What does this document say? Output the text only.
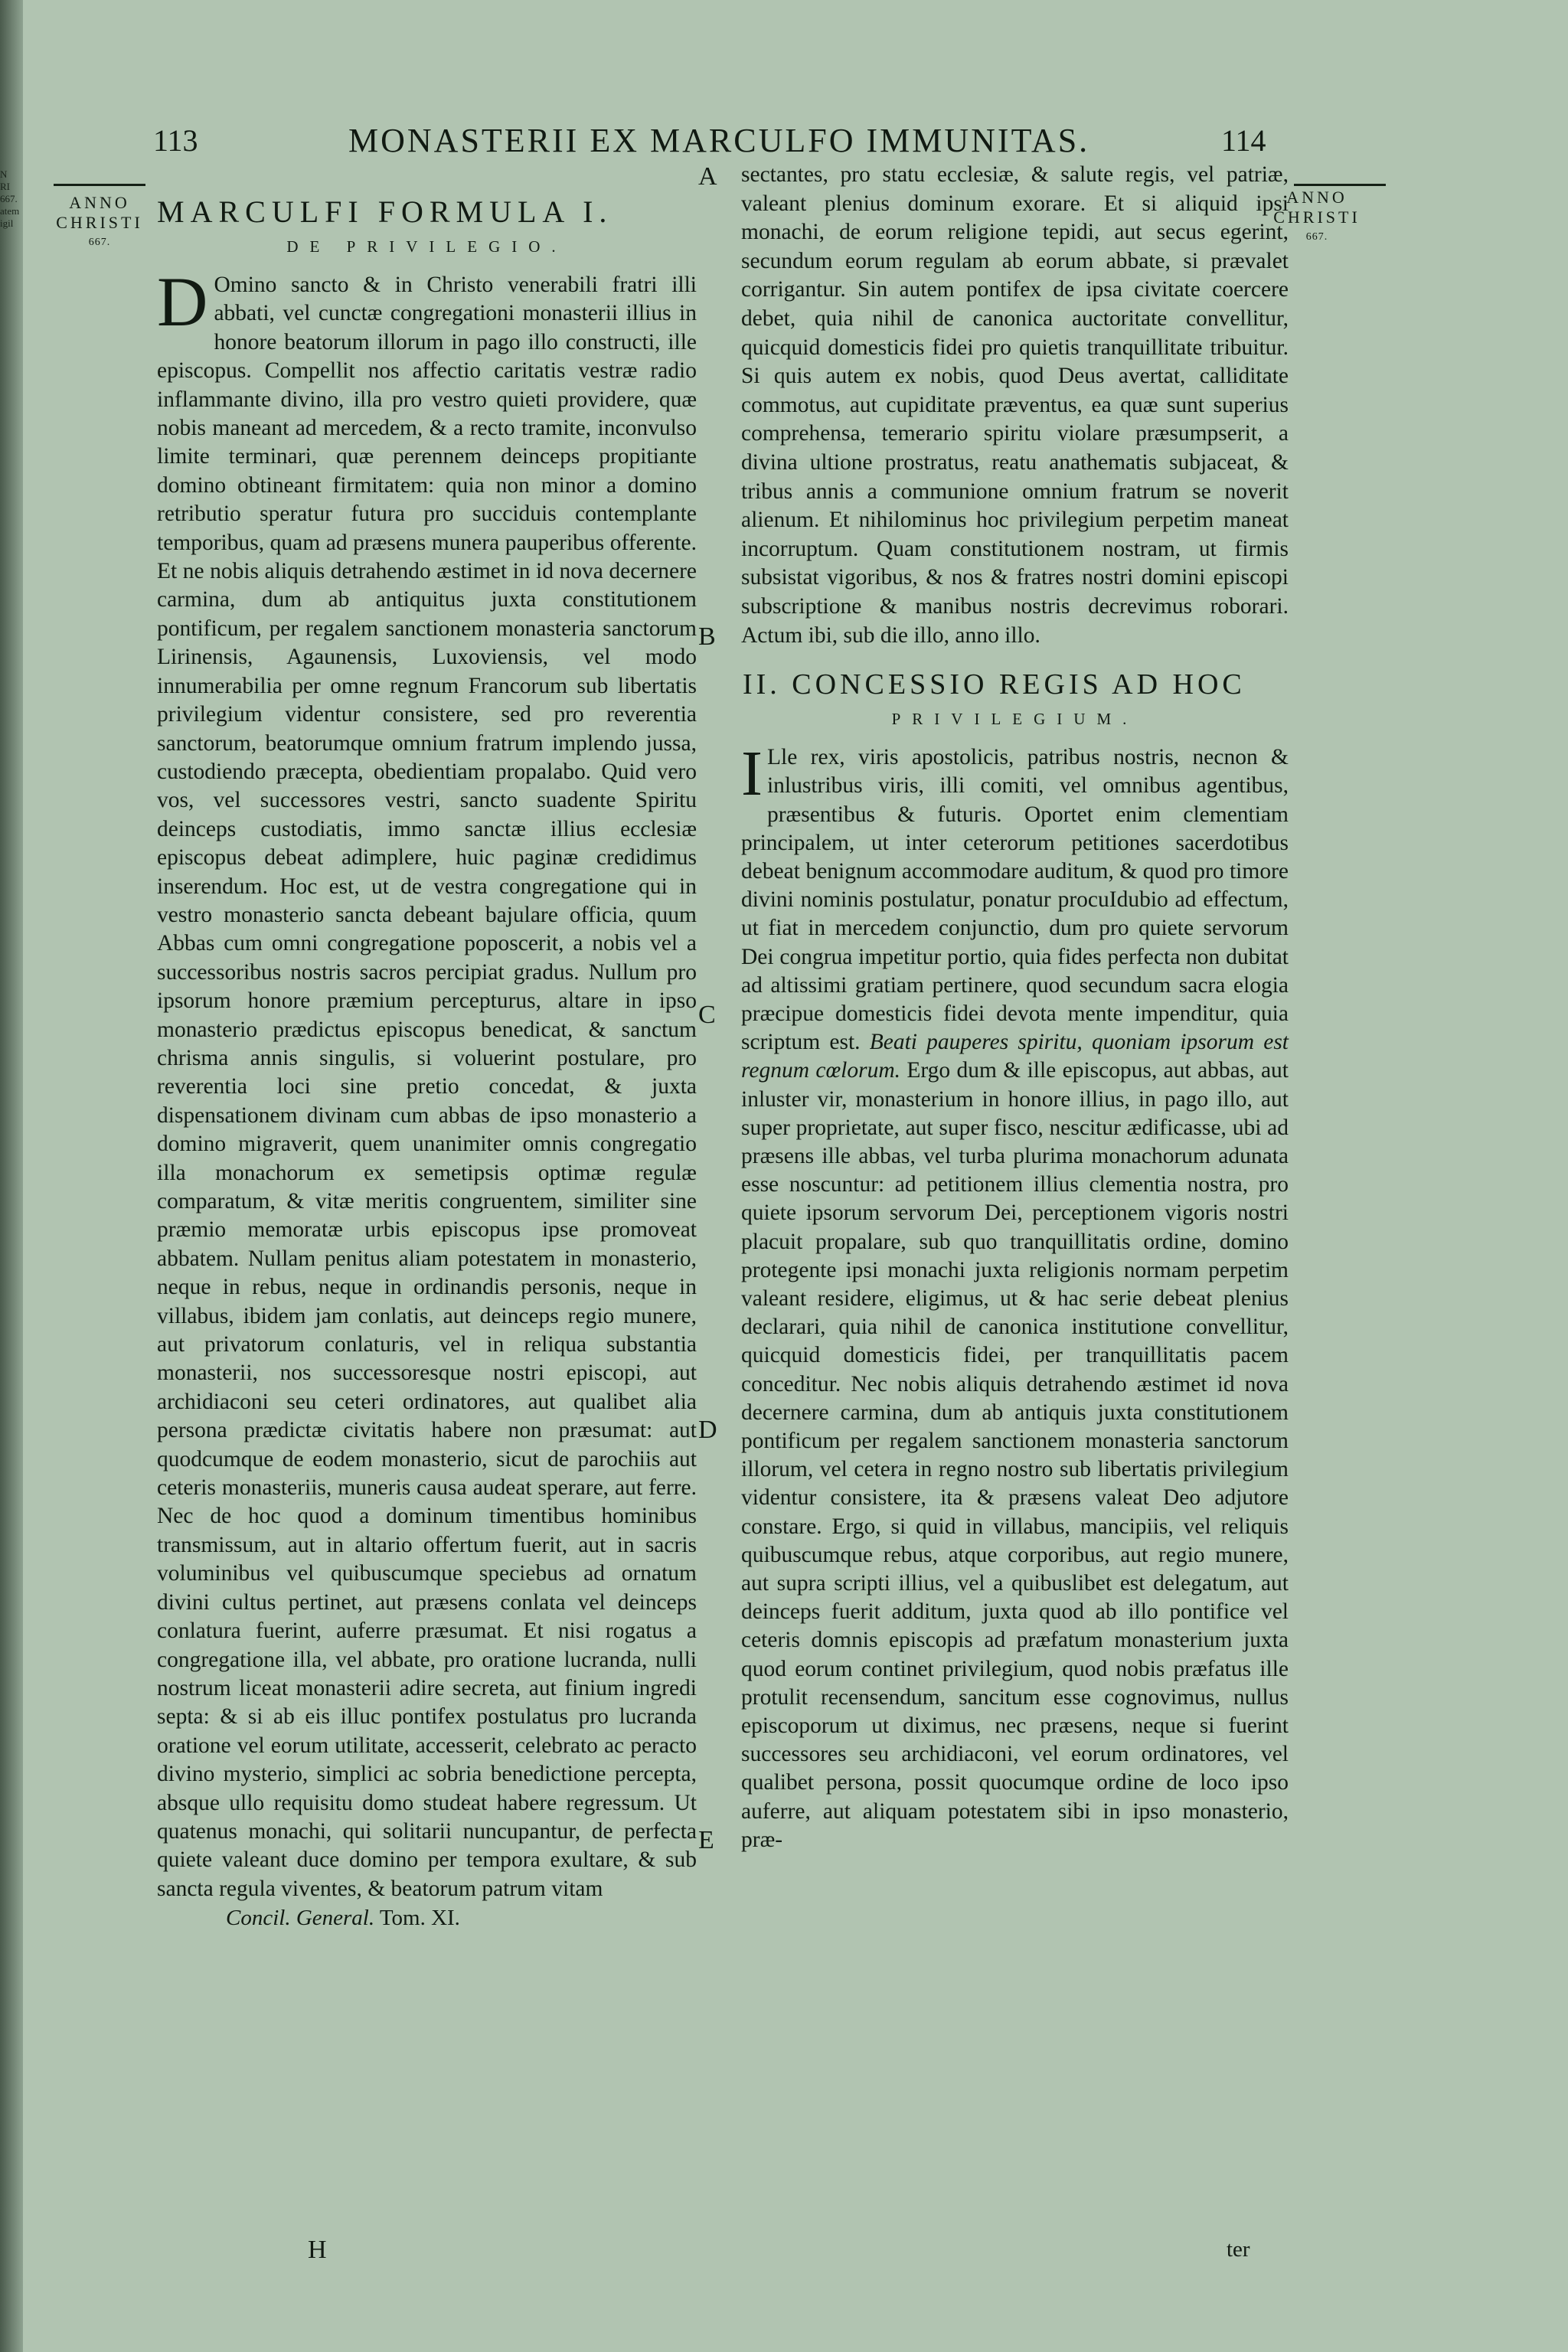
N
RI
667.
atem
igil
113	MONASTERII EX MARCULFO IMMUNITAS.	114
ANNO
CHRISTI
667.
ANNO
CHRISTI
667.
MARCULFI FORMULA I.
DE PRIVILEGIO.
D Omino sancto & in Christo venerabili fratri illi abbati, vel cunctæ congregationi monasterii illius in honore beatorum illorum in pago illo constructi, ille episcopus. Compellit nos affectio caritatis vestræ radio inflammante divino, illa pro vestro quieti providere, quæ nobis maneant ad mercedem, & a recto tramite, inconvulso limite terminari, quæ perennem deinceps propitiante domino obtineant firmitatem: quia non minor a domino retributio speratur futura pro succiduis contemplante temporibus, quam ad præsens munera pauperibus offerente. Et ne nobis aliquis detrahendo æstimet in id nova decernere carmina, dum ab antiquitus juxta constitutionem pontificum, per regalem sanctionem monasteria sanctorum Lirinensis, Agaunensis, Luxoviensis, vel modo innumerabilia per omne regnum Francorum sub libertatis privilegium videntur consistere, sed pro reverentia sanctorum, beatorumque omnium fratrum implendo jussa, custodiendo præcepta, obedientiam propalabo. Quid vero vos, vel successores vestri, sancto suadente Spiritu deinceps custodiatis, immo sanctæ illius ecclesiæ episcopus debeat adimplere, huic paginæ credidimus inserendum. Hoc est, ut de vestra congregatione qui in vestro monasterio sancta debeant bajulare officia, quum Abbas cum omni congregatione poposcerit, a nobis vel a successoribus nostris sacros percipiat gradus. Nullum pro ipsorum honore præmium percepturus, altare in ipso monasterio prædictus episcopus benedicat, & sanctum chrisma annis singulis, si voluerint postulare, pro reverentia loci sine pretio concedat, & juxta dispensationem divinam cum abbas de ipso monasterio a domino migraverit, quem unanimiter omnis congregatio illa monachorum ex semetipsis optimæ regulæ comparatum, & vitæ meritis congruentem, similiter sine præmio memoratæ urbis episcopus ipse promoveat abbatem. Nullam penitus aliam potestatem in monasterio, neque in rebus, neque in ordinandis personis, neque in villabus, ibidem jam conlatis, aut deinceps regio munere, aut privatorum conlaturis, vel in reliqua substantia monasterii, nos successoresque nostri episcopi, aut archidiaconi seu ceteri ordinatores, aut qualibet alia persona prædictæ civitatis habere non præsumat: aut quodcumque de eodem monasterio, sicut de parochiis aut ceteris monasteriis, muneris causa audeat sperare, aut ferre. Nec de hoc quod a dominum timentibus hominibus transmissum, aut in altario offertum fuerit, aut in sacris voluminibus vel quibuscumque speciebus ad ornatum divini cultus pertinet, aut præsens conlata vel deinceps conlatura fuerint, auferre præsumat. Et nisi rogatus a congregatione illa, vel abbate, pro oratione lucranda, nulli nostrum liceat monasterii adire secreta, aut finium ingredi septa: & si ab eis illuc pontifex postulatus pro lucranda oratione vel eorum utilitate, accesserit, celebrato ac peracto divino mysterio, simplici ac sobria benedictione percepta, absque ullo requisitu domo studeat habere regressum. Ut quatenus monachi, qui solitarii nuncupantur, de perfecta quiete valeant duce domino per tempora exultare, & sub sancta regula viventes, & beatorum patrum vitam
Concil. General. Tom. XI.
sectantes, pro statu ecclesiæ, & salute regis, vel patriæ, valeant plenius dominum exorare. Et si aliquid ipsi monachi, de eorum religione tepidi, aut secus egerint, secundum eorum regulam ab eorum abbate, si prævalet corrigantur. Sin autem pontifex de ipsa civitate coercere debet, quia nihil de canonica auctoritate convellitur, quicquid domesticis fidei pro quietis tranquillitate tribuitur. Si quis autem ex nobis, quod Deus avertat, calliditate commotus, aut cupiditate præventus, ea quæ sunt superius comprehensa, temerario spiritu violare præsumpserit, a divina ultione prostratus, reatu anathematis subjaceat, & tribus annis a communione omnium fratrum se noverit alienum. Et nihilominus hoc privilegium perpetim maneat incorruptum. Quam constitutionem nostram, ut firmis subsistat vigoribus, & nos & fratres nostri domini episcopi subscriptione & manibus nostris decrevimus roborari. Actum ibi, sub die illo, anno illo.
II. CONCESSIO REGIS AD HOC
PRIVILEGIUM.
I Lle rex, viris apostolicis, patribus nostris, necnon & inlustribus viris, illi comiti, vel omnibus agentibus, præsentibus & futuris. Oportet enim clementiam principalem, ut inter ceterorum petitiones sacerdotibus debeat benignum accommodare auditum, & quod pro timore divini nominis postulatur, ponatur procuIdubio ad effectum, ut fiat in mercedem conjunctio, dum pro quiete servorum Dei congrua impetitur portio, quia fides perfecta non dubitat ad altissimi gratiam pertinere, quod secundum sacra elogia præcipue domesticis fidei devota mente impenditur, quia scriptum est. Beati pauperes spiritu, quoniam ipsorum est regnum cœlorum. Ergo dum & ille episcopus, aut abbas, aut inluster vir, monasterium in honore illius, in pago illo, aut super proprietate, aut super fisco, nescitur ædificasse, ubi ad præsens ille abbas, vel turba plurima monachorum adunata esse noscuntur: ad petitionem illius clementia nostra, pro quiete ipsorum servorum Dei, perceptionem vigoris nostri placuit propalare, sub quo tranquillitatis ordine, domino protegente ipsi monachi juxta religionis normam perpetim valeant residere, eligimus, ut & hac serie debeat plenius declarari, quia nihil de canonica institutione convellitur, quicquid domesticis fidei, per tranquillitatis pacem conceditur. Nec nobis aliquis detrahendo æstimet id nova decernere carmina, dum ab antiquis juxta constitutionem pontificum per regalem sanctionem monasteria sanctorum illorum, vel cetera in regno nostro sub libertatis privilegium videntur consistere, ita & præsens valeat Deo adjutore constare. Ergo, si quid in villabus, mancipiis, vel reliquis quibuscumque rebus, atque corporibus, aut regio munere, aut supra scripti illius, vel a quibuslibet est delegatum, aut deinceps fuerit additum, juxta quod ab illo pontifice vel ceteris domnis episcopis ad præfatum monasterium juxta quod eorum continet privilegium, quod nobis præfatus ille protulit recensendum, sancitum esse cognovimus, nullus episcoporum ut diximus, nec præsens, neque si fuerint successores seu archidiaconi, vel eorum ordinatores, vel qualibet persona, possit quocumque ordine de loco ipso auferre, aut aliquam potestatem sibi in ipso monasterio, præ-
H	ter
A
B
C
D
E
